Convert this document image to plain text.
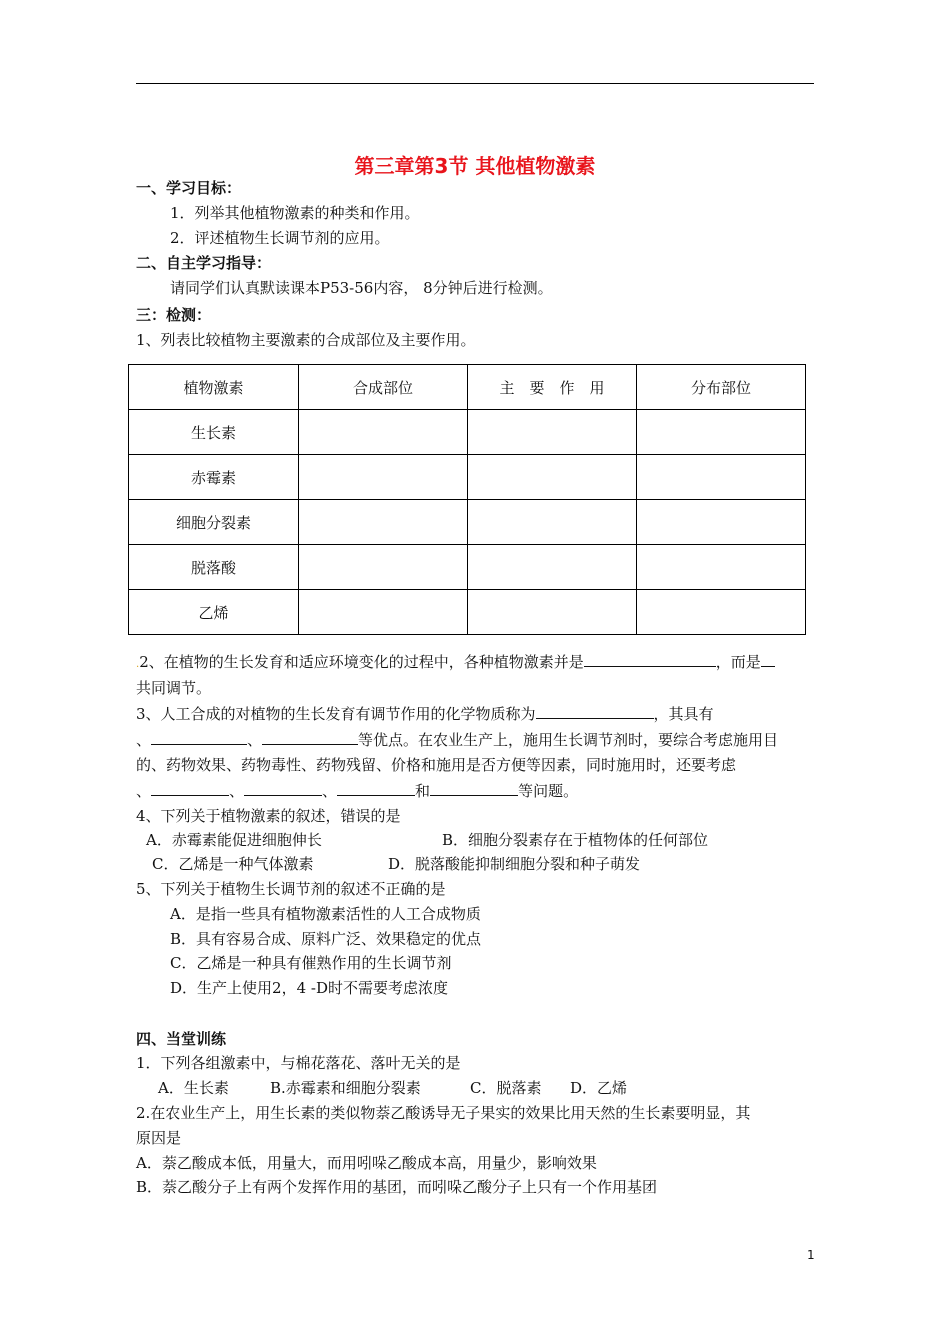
第三章第3节 其他植物激素
一、学习目标：
1．列举其他植物激素的种类和作用。
2．评述植物生长调节剂的应用。
二、自主学习指导：
请同学们认真默读课本P53-56内容， 8分钟后进行检测。
三：检测：
1、列表比较植物主要激素的合成部位及主要作用。
植物激素	合成部位	主　要　作　用	分布部位
生长素			
赤霉素			
细胞分裂素			
脱落酸			
乙烯			
.2、在植物的生长发育和适应环境变化的过程中，各种植物激素并是	，而是
共同调节。
3、人工合成的对植物的生长发育有调节作用的化学物质称为	，其具有
、	、	等优点。在农业生产上，施用生长调节剂时，要综合考虑施用目
的、药物效果、药物毒性、药物残留、价格和施用是否方便等因素，同时施用时，还要考虑
、	、	、	和	等问题。
4、下列关于植物激素的叙述，错误的是
A．赤霉素能促进细胞伸长	B．细胞分裂素存在于植物体的任何部位
C．乙烯是一种气体激素	D．脱落酸能抑制细胞分裂和种子萌发
5、下列关于植物生长调节剂的叙述不正确的是
A．是指一些具有植物激素活性的人工合成物质
B．具有容易合成、原料广泛、效果稳定的优点
C．乙烯是一种具有催熟作用的生长调节剂
D．生产上使用2，4 -D时不需要考虑浓度
四、当堂训练
1．下列各组激素中，与棉花落花、落叶无关的是
A．生长素	B.赤霉素和细胞分裂素	C．脱落素 D．乙烯
2.在农业生产上，用生长素的类似物萘乙酸诱导无子果实的效果比用天然的生长素要明显，其
原因是
A．萘乙酸成本低，用量大，而用吲哚乙酸成本高，用量少，影响效果
B．萘乙酸分子上有两个发挥作用的基团，而吲哚乙酸分子上只有一个作用基团
1
